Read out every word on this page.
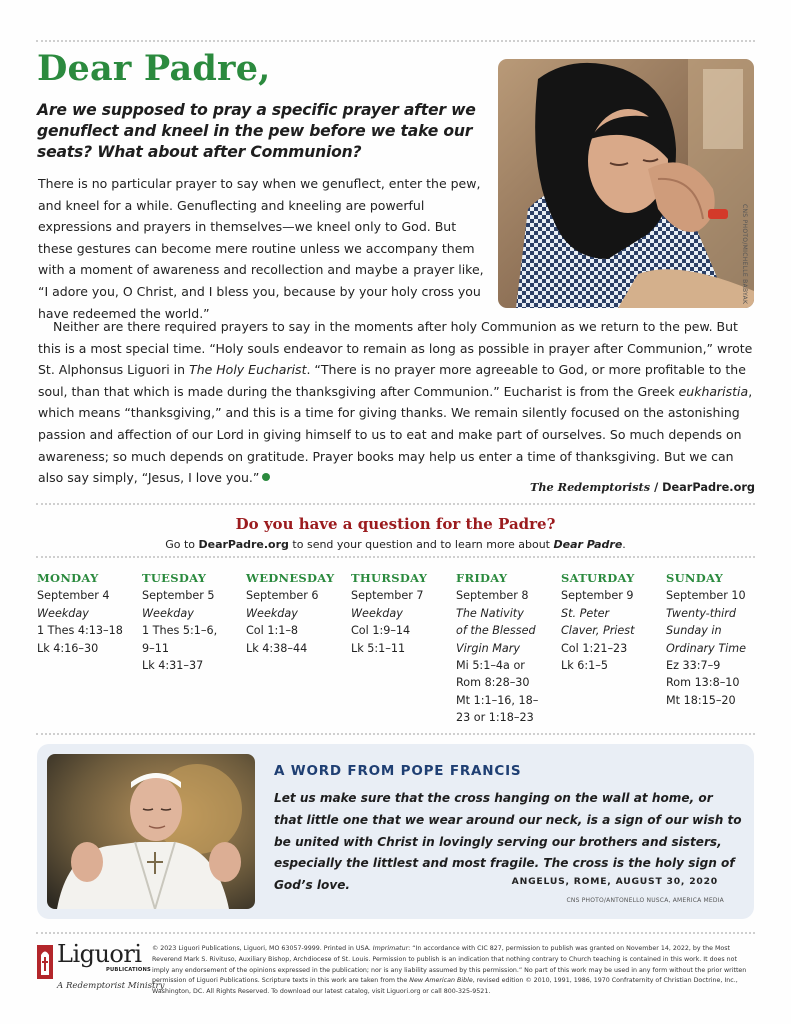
Dear Padre,

Are we supposed to pray a specific prayer after we genuflect and kneel in the pew before we take our seats? What about after Communion?

CNS PHOTO/MICHELLE BABYAK

There is no particular prayer to say when we genuflect, enter the pew, and kneel for a while. Genuflecting and kneeling are powerful expressions and prayers in themselves—we kneel only to God. But these gestures can become mere routine unless we accompany them with a moment of awareness and recollection and maybe a prayer like, “I adore you, O Christ, and I bless you, because by your holy cross you have redeemed the world.”

Neither are there required prayers to say in the moments after holy Communion as we return to the pew. But this is a most special time. “Holy souls endeavor to remain as long as possible in prayer after Communion,” wrote St. Alphonsus Liguori in The Holy Eucharist. “There is no prayer more agreeable to God, or more profitable to the soul, than that which is made during the thanksgiving after Communion.” Eucharist is from the Greek eukharistia, which means “thanksgiving,” and this is a time for giving thanks. We remain silently focused on the astonishing passion and affection of our Lord in giving himself to us to eat and make part of ourselves. So much depends on awareness; so much depends on gratitude. Prayer books may help us enter a time of thanksgiving. But we can also say simply, “Jesus, I love you.”

The Redemptorists / DearPadre.org
Do you have a question for the Padre?
Go to DearPadre.org to send your question and to learn more about Dear Padre.
MONDAY
September 4
Weekday
1 Thes 4:13–18
Lk 4:16–30
TUESDAY
September 5
Weekday
1 Thes 5:1–6, 9–11
Lk 4:31–37
WEDNESDAY
September 6
Weekday
Col 1:1–8
Lk 4:38–44
THURSDAY
September 7
Weekday
Col 1:9–14
Lk 5:1–11
FRIDAY
September 8
The Nativity of the Blessed Virgin Mary
Mi 5:1–4a or Rom 8:28–30
Mt 1:1–16, 18–23 or 1:18–23
SATURDAY
September 9
St. Peter Claver, Priest
Col 1:21–23
Lk 6:1–5
SUNDAY
September 10
Twenty-third Sunday in Ordinary Time
Ez 33:7–9
Rom 13:8–10
Mt 18:15–20
A WORD FROM POPE FRANCIS

Let us make sure that the cross hanging on the wall at home, or that little one that we wear around our neck, is a sign of our wish to be united with Christ in lovingly serving our brothers and sisters, especially the littlest and most fragile. The cross is the holy sign of God’s love.	ANGELUS, ROME, AUGUST 30, 2020
CNS PHOTO/ANTONELLO NUSCA, AMERICA MEDIA
Liguori
PUBLICATIONS
A Redemptorist Ministry

© 2023 Liguori Publications, Liguori, MO 63057-9999. Printed in USA. Imprimatur: “In accordance with CIC 827, permission to publish was granted on November 14, 2022, by the Most Reverend Mark S. Rivituso, Auxiliary Bishop, Archdiocese of St. Louis. Permission to publish is an indication that nothing contrary to Church teaching is contained in this work. It does not imply any endorsement of the opinions expressed in the publication; nor is any liability assumed by this permission.” No part of this work may be used in any form without the prior written permission of Liguori Publications. Scripture texts in this work are taken from the New American Bible, revised edition © 2010, 1991, 1986, 1970 Confraternity of Christian Doctrine, Inc., Washington, DC. All Rights Reserved. To download our latest catalog, visit Liguori.org or call 800-325-9521.
